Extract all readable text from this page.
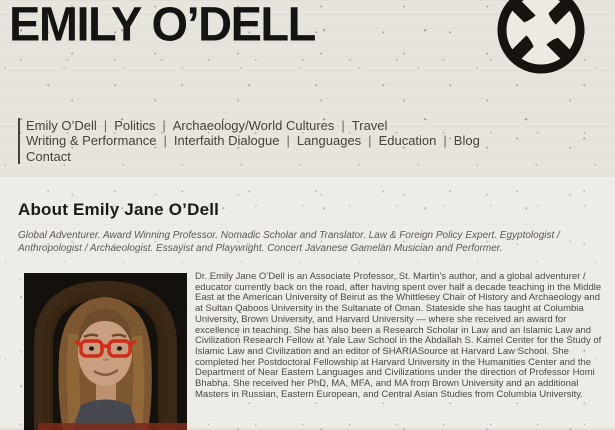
EMILY O’DELL
Emily O’Dell | Politics | Archaeology/World Cultures | Travel
Writing & Performance | Interfaith Dialogue | Languages | Education | Blog
Contact
About Emily Jane O’Dell

Global Adventurer. Award Winning Professor. Nomadic Scholar and Translator. Law & Foreign Policy Expert. Egyptologist / Anthropologist / Archaeologist. Essayist and Playwright. Concert Javanese Gamelan Musician and Performer.

Dr. Emily Jane O’Dell is an Associate Professor, St. Martin’s author, and a global adventurer / educator currently back on the road, after having spent over half a decade teaching in the Middle East at the American University of Beirut as the Whittlesey Chair of History and Archaeology and at Sultan Qaboos University in the Sultanate of Oman. Stateside she has taught at Columbia University, Brown University, and Harvard University — where she received an award for excellence in teaching. She has also been a Research Scholar in Law and an Islamic Law and Civilization Research Fellow at Yale Law School in the Abdallah S. Kamel Center for the Study of Islamic Law and Civilization and an editor of SHARIASource at Harvard Law School. She completed her Postdoctoral Fellowship at Harvard University in the Humanities Center and the Department of Near Eastern Languages and Civilizations under the direction of Professor Homi Bhabha. She received her PhD, MA, MFA, and MA from Brown University and an additional Masters in Russian, Eastern European, and Central Asian Studies from Columbia University.
